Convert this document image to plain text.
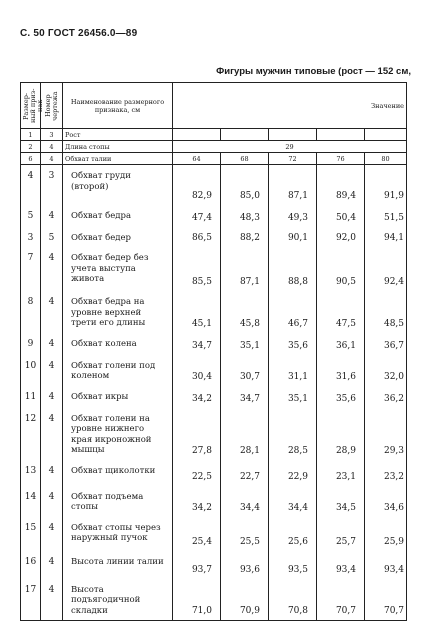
С. 50 ГОСТ 26456.0—89
Фигуры мужчин типовые (рост — 152 см,
Размер-ный приз-нак	Номер чертежа	Наименование размерного признака, см	Значение				
1	3	Рост					
2	4	Длина стопы	29				
6	4	Обхват талии	64	68	72	76	80
4	3	Обхват груди (второй)	82,9	85,0	87,1	89,4	91,9
5	4	Обхват бедра	47,4	48,3	49,3	50,4	51,5
3	5	Обхват бедер	86,5	88,2	90,1	92,0	94,1
7	4	Обхват бедер без учета выступа живота	85,5	87,1	88,8	90,5	92,4
8	4	Обхват бедра на уровне верхней трети его длины	45,1	45,8	46,7	47,5	48,5
9	4	Обхват колена	34,7	35,1	35,6	36,1	36,7
10	4	Обхват голени под коленом	30,4	30,7	31,1	31,6	32,0
11	4	Обхват икры	34,2	34,7	35,1	35,6	36,2
12	4	Обхват голени на уровне нижнего края икроножной мышцы	27,8	28,1	28,5	28,9	29,3
13	4	Обхват щиколотки	22,5	22,7	22,9	23,1	23,2
14	4	Обхват подъема стопы	34,2	34,4	34,4	34,5	34,6
15	4	Обхват стопы через наружный пучок	25,4	25,5	25,6	25,7	25,9
16	4	Высота линии талии	93,7	93,6	93,5	93,4	93,4
17	4	Высота подъягодичной складки	71,0	70,9	70,8	70,7	70,7
